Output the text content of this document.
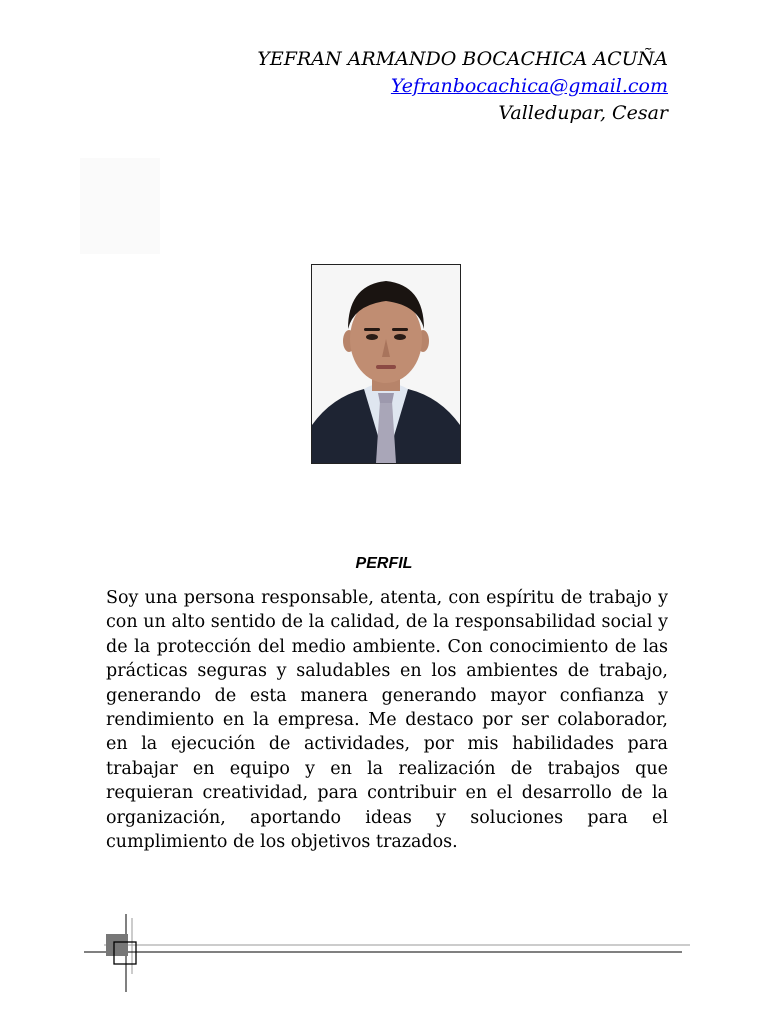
YEFRAN ARMANDO BOCACHICA ACUÑA
Yefranbocachica@gmail.com
Valledupar, Cesar
PERFIL

Soy una persona responsable, atenta, con espíritu de trabajo y con un alto sentido de la calidad, de la responsabilidad social y de la protección del medio ambiente. Con conocimiento de las prácticas seguras y saludables en los ambientes de trabajo, generando de esta manera generando mayor confianza y rendimiento en la empresa. Me destaco por ser colaborador, en la ejecución de actividades, por mis habilidades para trabajar en equipo y en la realización de trabajos que requieran creatividad, para contribuir en el desarrollo de la organización, aportando ideas y soluciones para el cumplimiento de los objetivos trazados.
